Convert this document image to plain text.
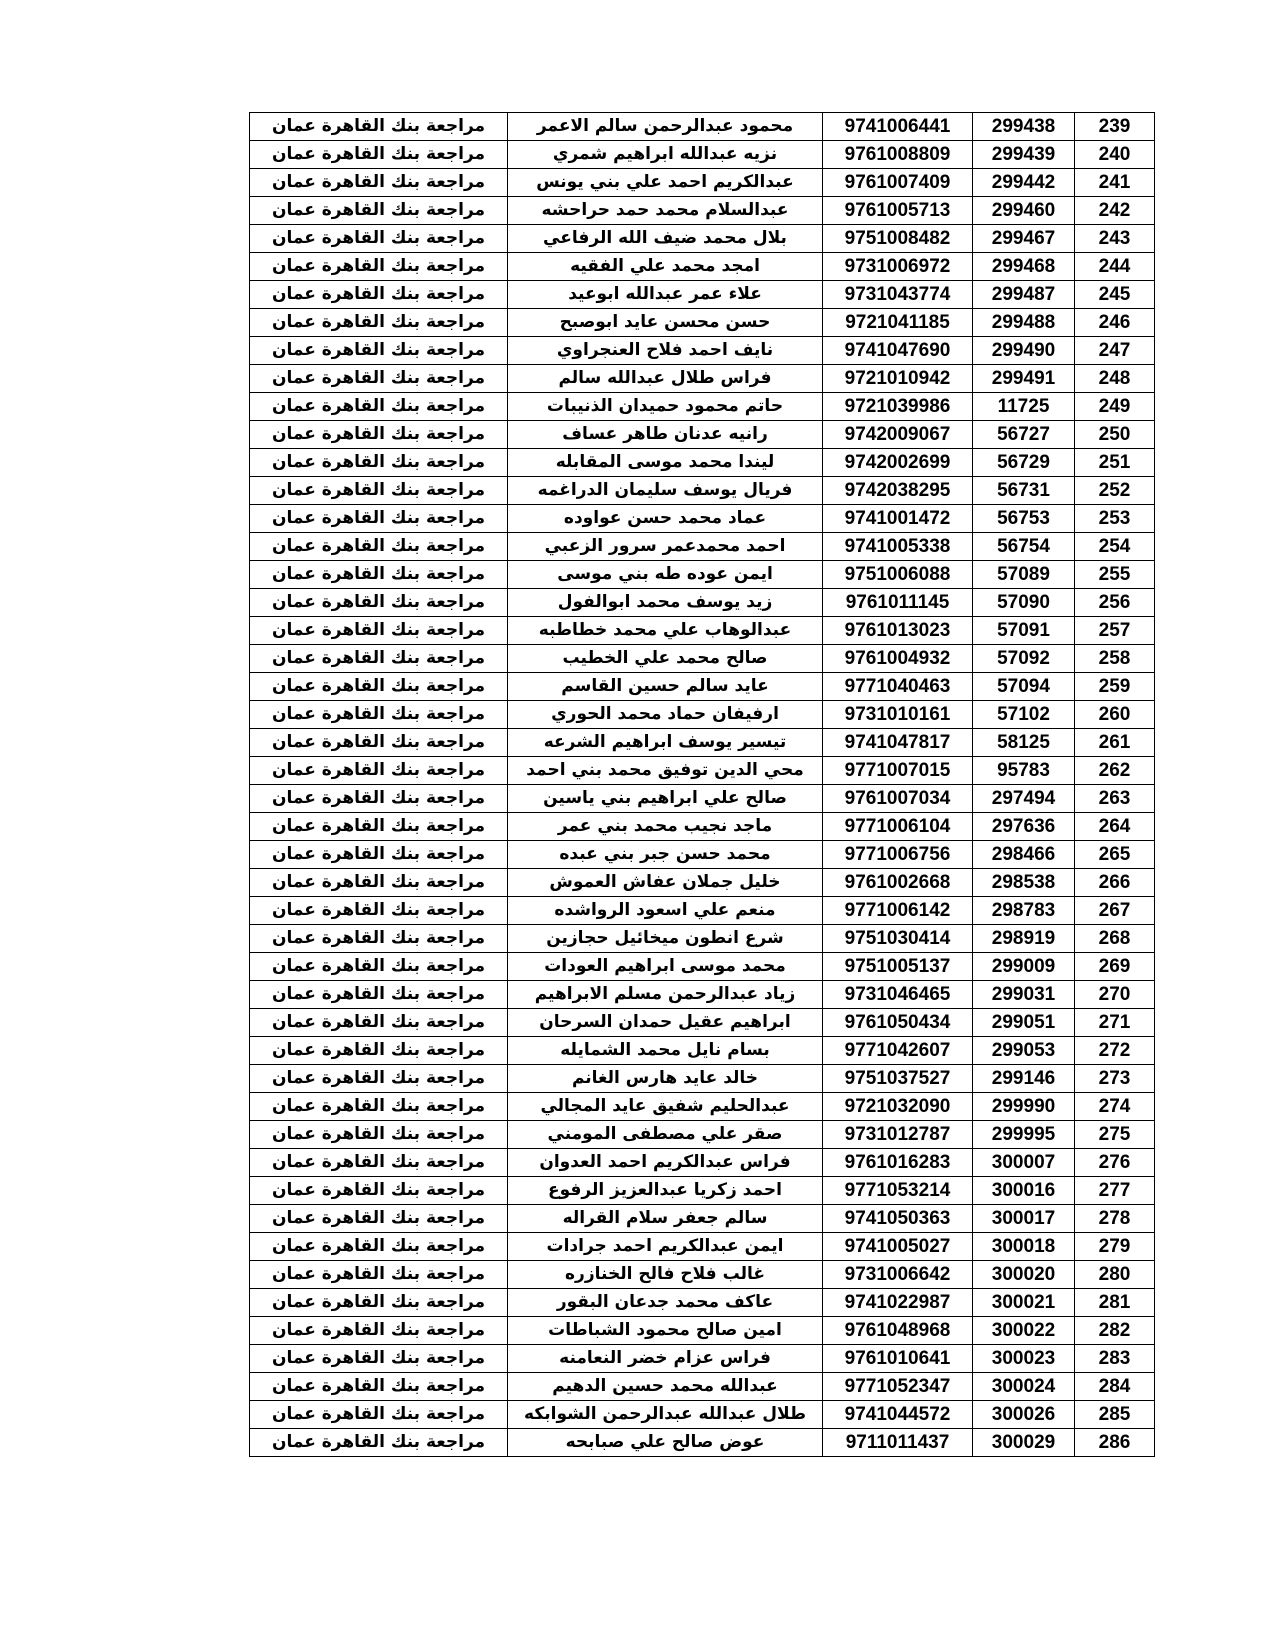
مراجعة بنك القاهرة عمان	محمود عبدالرحمن سالم الاعمر	9741006441	299438	239
مراجعة بنك القاهرة عمان	نزيه عبدالله ابراهيم شمري	9761008809	299439	240
مراجعة بنك القاهرة عمان	عبدالكريم احمد علي بني يونس	9761007409	299442	241
مراجعة بنك القاهرة عمان	عبدالسلام محمد حمد حراحشه	9761005713	299460	242
مراجعة بنك القاهرة عمان	بلال محمد ضيف الله الرفاعي	9751008482	299467	243
مراجعة بنك القاهرة عمان	امجد محمد علي الفقيه	9731006972	299468	244
مراجعة بنك القاهرة عمان	علاء عمر عبدالله ابوعيد	9731043774	299487	245
مراجعة بنك القاهرة عمان	حسن محسن عايد ابوصبح	9721041185	299488	246
مراجعة بنك القاهرة عمان	نايف احمد فلاح العنجراوي	9741047690	299490	247
مراجعة بنك القاهرة عمان	فراس طلال عبدالله سالم	9721010942	299491	248
مراجعة بنك القاهرة عمان	حاتم محمود حميدان الذنيبات	9721039986	11725	249
مراجعة بنك القاهرة عمان	رانيه عدنان طاهر عساف	9742009067	56727	250
مراجعة بنك القاهرة عمان	ليندا محمد موسى المقابله	9742002699	56729	251
مراجعة بنك القاهرة عمان	فريال يوسف سليمان الدراغمه	9742038295	56731	252
مراجعة بنك القاهرة عمان	عماد محمد حسن عواوده	9741001472	56753	253
مراجعة بنك القاهرة عمان	احمد محمدعمر سرور الزعبي	9741005338	56754	254
مراجعة بنك القاهرة عمان	ايمن عوده طه بني موسى	9751006088	57089	255
مراجعة بنك القاهرة عمان	زيد يوسف محمد ابوالفول	9761011145	57090	256
مراجعة بنك القاهرة عمان	عبدالوهاب علي محمد خطاطبه	9761013023	57091	257
مراجعة بنك القاهرة عمان	صالح محمد علي الخطيب	9761004932	57092	258
مراجعة بنك القاهرة عمان	عايد سالم حسين القاسم	9771040463	57094	259
مراجعة بنك القاهرة عمان	ارفيفان حماد محمد الحوري	9731010161	57102	260
مراجعة بنك القاهرة عمان	تيسير يوسف ابراهيم الشرعه	9741047817	58125	261
مراجعة بنك القاهرة عمان	محي الدين توفيق محمد بني احمد	9771007015	95783	262
مراجعة بنك القاهرة عمان	صالح علي ابراهيم بني ياسين	9761007034	297494	263
مراجعة بنك القاهرة عمان	ماجد نجيب محمد بني عمر	9771006104	297636	264
مراجعة بنك القاهرة عمان	محمد حسن جبر بني عبده	9771006756	298466	265
مراجعة بنك القاهرة عمان	خليل جملان عفاش العموش	9761002668	298538	266
مراجعة بنك القاهرة عمان	منعم علي اسعود الرواشده	9771006142	298783	267
مراجعة بنك القاهرة عمان	شرع انطون ميخائيل حجازين	9751030414	298919	268
مراجعة بنك القاهرة عمان	محمد موسى ابراهيم العودات	9751005137	299009	269
مراجعة بنك القاهرة عمان	زياد عبدالرحمن مسلم الابراهيم	9731046465	299031	270
مراجعة بنك القاهرة عمان	ابراهيم عقيل حمدان السرحان	9761050434	299051	271
مراجعة بنك القاهرة عمان	بسام نايل محمد الشمايله	9771042607	299053	272
مراجعة بنك القاهرة عمان	خالد عايد هارس الغانم	9751037527	299146	273
مراجعة بنك القاهرة عمان	عبدالحليم شفيق عايد المجالي	9721032090	299990	274
مراجعة بنك القاهرة عمان	صقر علي مصطفى المومني	9731012787	299995	275
مراجعة بنك القاهرة عمان	فراس عبدالكريم احمد العدوان	9761016283	300007	276
مراجعة بنك القاهرة عمان	احمد زكريا عبدالعزيز الرفوع	9771053214	300016	277
مراجعة بنك القاهرة عمان	سالم جعفر سلام القراله	9741050363	300017	278
مراجعة بنك القاهرة عمان	ايمن عبدالكريم احمد جرادات	9741005027	300018	279
مراجعة بنك القاهرة عمان	غالب فلاح فالح الخنازره	9731006642	300020	280
مراجعة بنك القاهرة عمان	عاكف محمد جدعان البقور	9741022987	300021	281
مراجعة بنك القاهرة عمان	امين صالح محمود الشباطات	9761048968	300022	282
مراجعة بنك القاهرة عمان	فراس عزام خضر النعامنه	9761010641	300023	283
مراجعة بنك القاهرة عمان	عبدالله محمد حسين الدهيم	9771052347	300024	284
مراجعة بنك القاهرة عمان	طلال عبدالله عبدالرحمن الشوابكه	9741044572	300026	285
مراجعة بنك القاهرة عمان	عوض صالح علي صبابحه	9711011437	300029	286
